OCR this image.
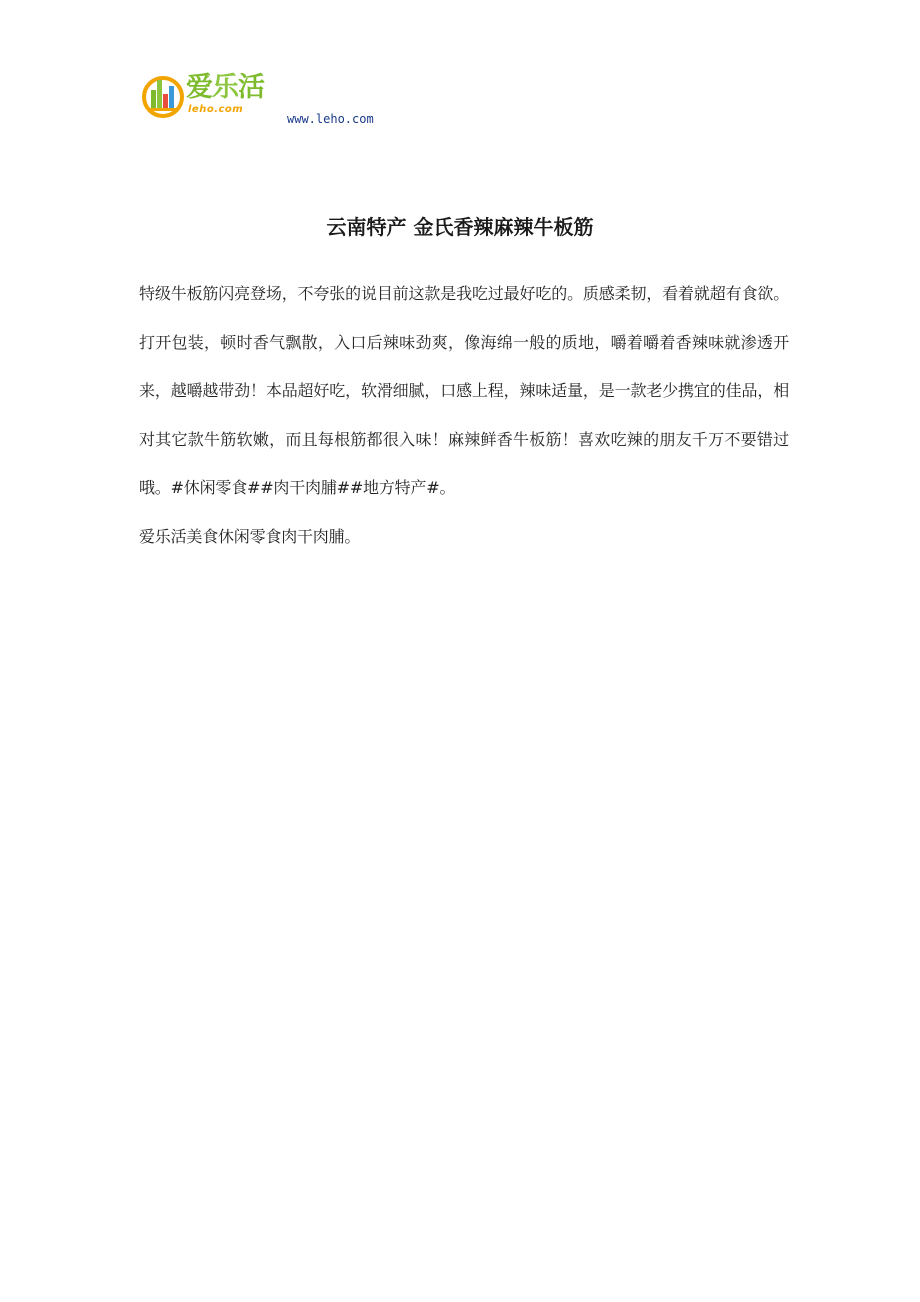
爱乐活
leho.com
www.leho.com
云南特产 金氏香辣麻辣牛板筋

特级牛板筋闪亮登场，不夸张的说目前这款是我吃过最好吃的。质感柔韧，看着就超有食欲。打开包装，顿时香气飘散，入口后辣味劲爽，像海绵一般的质地，嚼着嚼着香辣味就渗透开来，越嚼越带劲！本品超好吃，软滑细腻，口感上程，辣味适量，是一款老少携宜的佳品，相对其它款牛筋软嫩，而且每根筋都很入味！麻辣鲜香牛板筋！喜欢吃辣的朋友千万不要错过哦。#休闲零食##肉干肉脯##地方特产#。

爱乐活美食休闲零食肉干肉脯。
